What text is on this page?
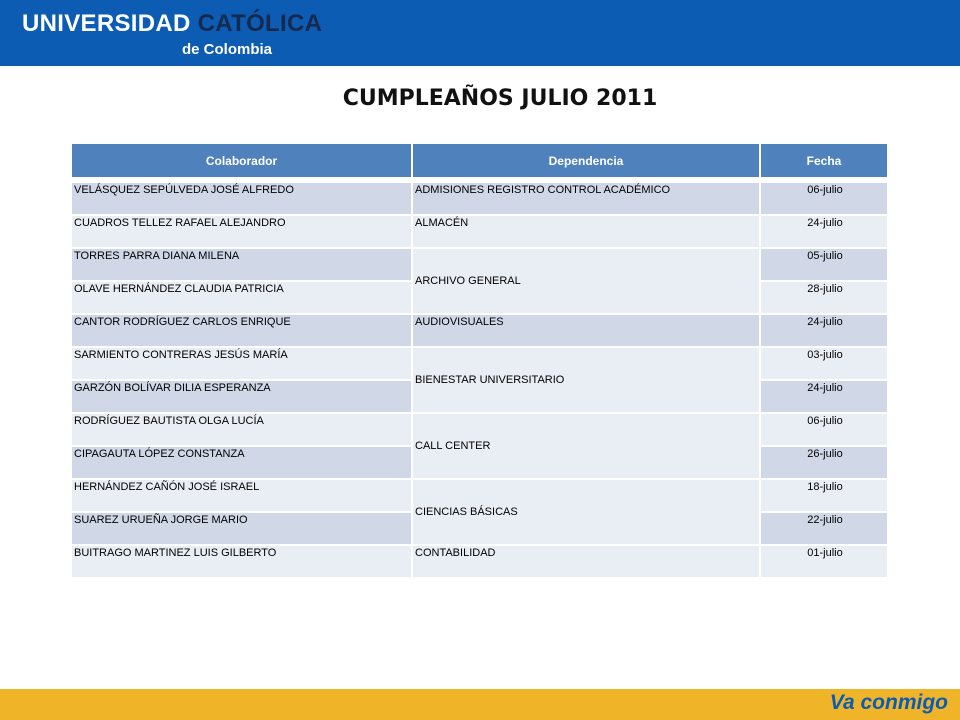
UNIVERSIDAD CATÓLICA
de Colombia
CUMPLEAÑOS JULIO 2011
Colaborador	Dependencia	Fecha
VELÁSQUEZ SEPÚLVEDA JOSÉ ALFREDO	ADMISIONES REGISTRO CONTROL ACADÉMICO	06-julio
CUADROS TELLEZ RAFAEL ALEJANDRO	ALMACÉN	24-julio
TORRES PARRA DIANA MILENA	ARCHIVO GENERAL	05-julio
OLAVE HERNÁNDEZ CLAUDIA PATRICIA		28-julio
CANTOR RODRÍGUEZ CARLOS ENRIQUE	AUDIOVISUALES	24-julio
SARMIENTO CONTRERAS JESÚS MARÍA	BIENESTAR UNIVERSITARIO	03-julio
GARZÓN BOLÍVAR DILIA ESPERANZA		24-julio
RODRÍGUEZ BAUTISTA OLGA LUCÍA	CALL CENTER	06-julio
CIPAGAUTA LÓPEZ CONSTANZA		26-julio
HERNÁNDEZ CAÑÓN JOSÉ ISRAEL	CIENCIAS BÁSICAS	18-julio
SUAREZ URUEÑA JORGE MARIO		22-julio
BUITRAGO MARTINEZ LUIS GILBERTO	CONTABILIDAD	01-julio
Va conmigo
